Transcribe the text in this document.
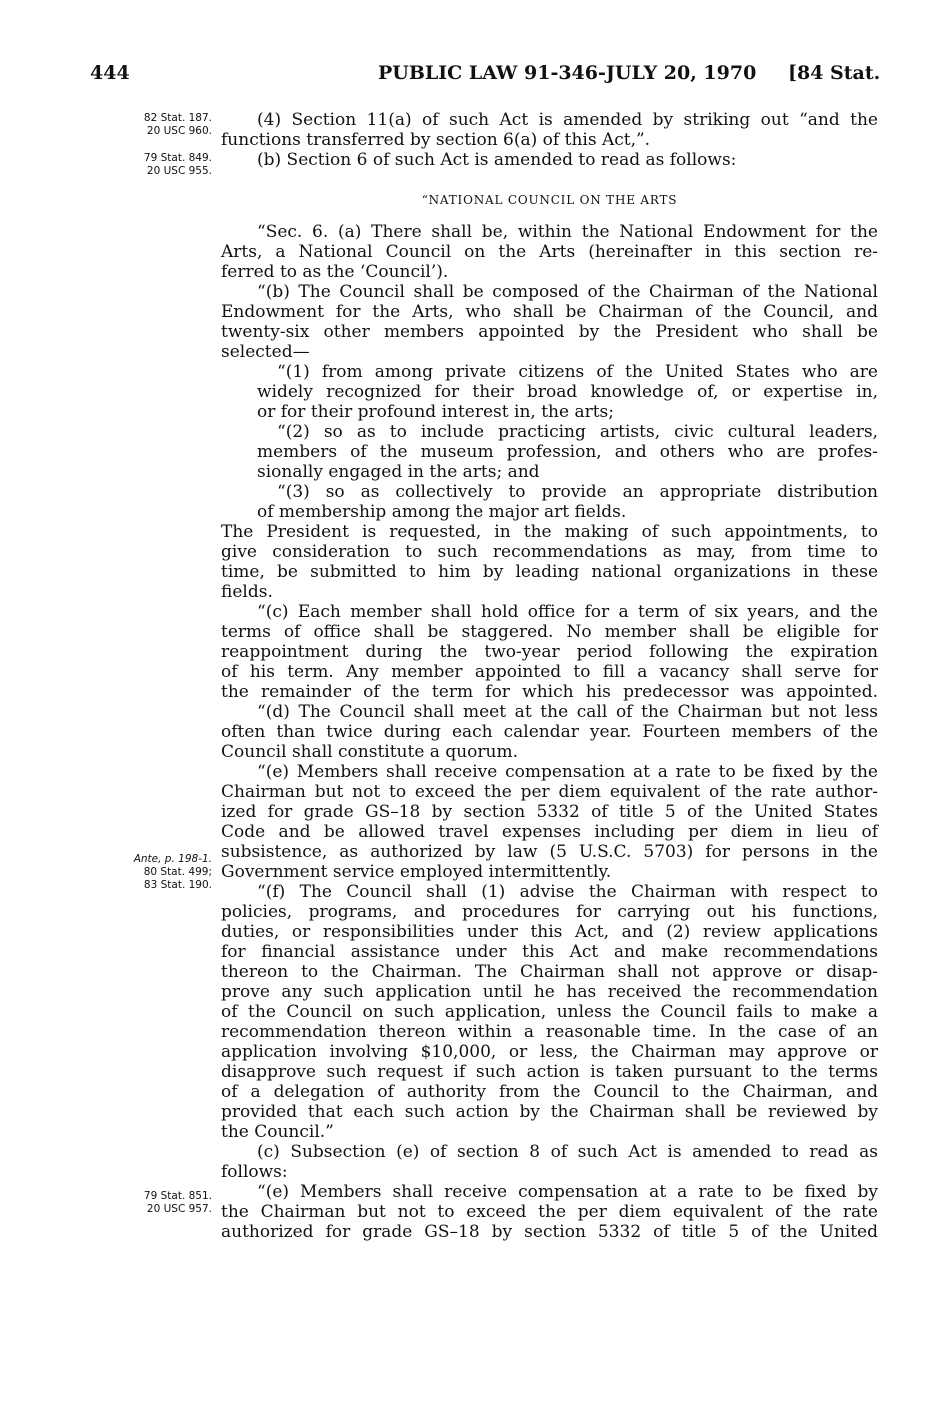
444	PUBLIC LAW 91-346-JULY 20, 1970 [84 Stat.
82 Stat. 187.
20 USC 960.
79 Stat. 849.
20 USC 955.
Ante, p. 198-1.
80 Stat. 499;
83 Stat. 190.
79 Stat. 851.
20 USC 957.
(4) Section 11(a) of such Act is amended by striking out “and the
functions transferred by section 6(a) of this Act,”.
(b) Section 6 of such Act is amended to read as follows:
“NATIONAL COUNCIL ON THE ARTS
“Sec. 6. (a) There shall be, within the National Endowment for the
Arts, a National Council on the Arts (hereinafter in this section re-
ferred to as the ‘Council’).
“(b) The Council shall be composed of the Chairman of the National
Endowment for the Arts, who shall be Chairman of the Council, and
twenty-six other members appointed by the President who shall be
selected—
“(1) from among private citizens of the United States who are
widely recognized for their broad knowledge of, or expertise in,
or for their profound interest in, the arts;
“(2) so as to include practicing artists, civic cultural leaders,
members of the museum profession, and others who are profes-
sionally engaged in the arts; and
“(3) so as collectively to provide an appropriate distribution
of membership among the major art fields.
The President is requested, in the making of such appointments, to
give consideration to such recommendations as may, from time to
time, be submitted to him by leading national organizations in these
fields.
“(c) Each member shall hold office for a term of six years, and the
terms of office shall be staggered. No member shall be eligible for
reappointment during the two-year period following the expiration
of his term. Any member appointed to fill a vacancy shall serve for
the remainder of the term for which his predecessor was appointed.
“(d) The Council shall meet at the call of the Chairman but not less
often than twice during each calendar year. Fourteen members of the
Council shall constitute a quorum.
“(e) Members shall receive compensation at a rate to be fixed by the
Chairman but not to exceed the per diem equivalent of the rate author-
ized for grade GS–18 by section 5332 of title 5 of the United States
Code and be allowed travel expenses including per diem in lieu of
subsistence, as authorized by law (5 U.S.C. 5703) for persons in the
Government service employed intermittently.
“(f) The Council shall (1) advise the Chairman with respect to
policies, programs, and procedures for carrying out his functions,
duties, or responsibilities under this Act, and (2) review applications
for financial assistance under this Act and make recommendations
thereon to the Chairman. The Chairman shall not approve or disap-
prove any such application until he has received the recommendation
of the Council on such application, unless the Council fails to make a
recommendation thereon within a reasonable time. In the case of an
application involving $10,000, or less, the Chairman may approve or
disapprove such request if such action is taken pursuant to the terms
of a delegation of authority from the Council to the Chairman, and
provided that each such action by the Chairman shall be reviewed by
the Council.”
(c) Subsection (e) of section 8 of such Act is amended to read as
follows:
“(e) Members shall receive compensation at a rate to be fixed by
the Chairman but not to exceed the per diem equivalent of the rate
authorized for grade GS–18 by section 5332 of title 5 of the United
